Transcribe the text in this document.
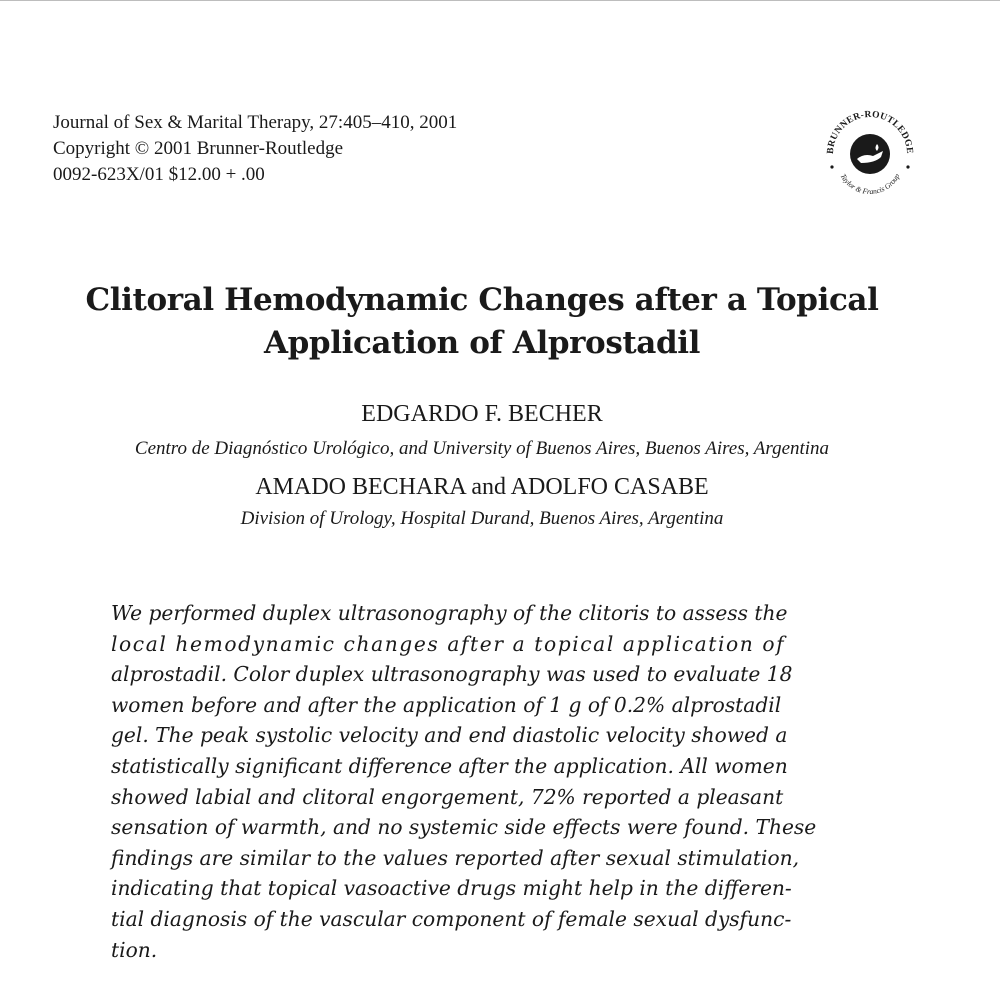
Journal of Sex & Marital Therapy, 27:405–410, 2001
Copyright © 2001 Brunner-Routledge
0092-623X/01 $12.00 + .00
BRUNNER-ROUTLEDGE
Taylor & Francis Group
Clitoral Hemodynamic Changes after a Topical
Application of Alprostadil
EDGARDO F. BECHER
Centro de Diagnóstico Urológico, and University of Buenos Aires, Buenos Aires, Argentina
AMADO BECHARA and ADOLFO CASABE
Division of Urology, Hospital Durand, Buenos Aires, Argentina
We performed duplex ultrasonography of the clitoris to assess the
local hemodynamic changes after a topical application of
alprostadil. Color duplex ultrasonography was used to evaluate 18
women before and after the application of 1 g of 0.2% alprostadil
gel. The peak systolic velocity and end diastolic velocity showed a
statistically significant difference after the application. All women
showed labial and clitoral engorgement, 72% reported a pleasant
sensation of warmth, and no systemic side effects were found. These
findings are similar to the values reported after sexual stimulation,
indicating that topical vasoactive drugs might help in the differen-
tial diagnosis of the vascular component of female sexual dysfunc-
tion.
